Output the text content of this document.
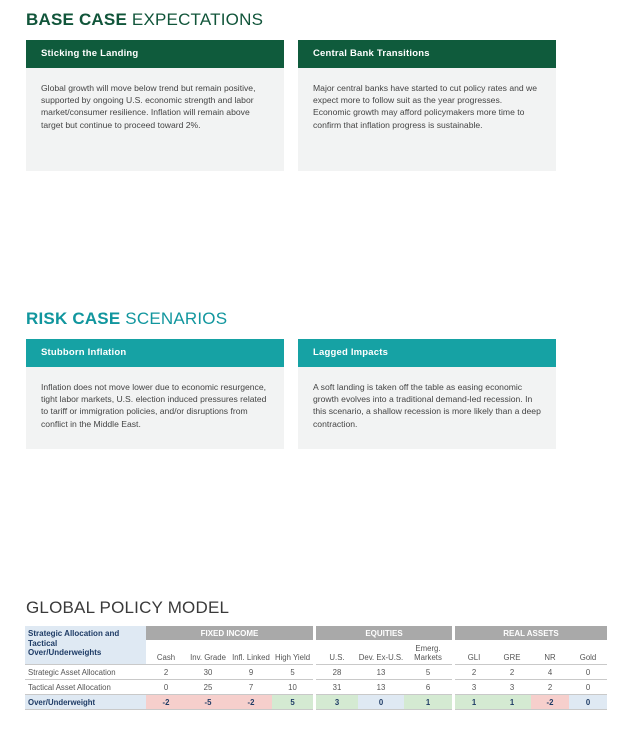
BASE CASE EXPECTATIONS
Sticking the Landing
Global growth will move below trend but remain positive, supported by ongoing U.S. economic strength and labor market/consumer resilience. Inflation will remain above target but continue to proceed toward 2%.
Central Bank Transitions
Major central banks have started to cut policy rates and we expect more to follow suit as the year progresses. Economic growth may afford policymakers more time to confirm that inflation progress is sustainable.
RISK CASE SCENARIOS
Stubborn Inflation
Inflation does not move lower due to economic resurgence, tight labor markets, U.S. election induced pressures related to tariff or immigration policies, and/or disruptions from conflict in the Middle East.
Lagged Impacts
A soft landing is taken off the table as easing economic growth evolves into a traditional demand-led recession. In this scenario, a shallow recession is more likely than a deep contraction.
GLOBAL POLICY MODEL
Strategic Allocation and Tactical
Over/Underweights	FIXED INCOME					EQUITIES				REAL ASSETS			
	Cash	Inv. Grade	Infl. Linked	High Yield		U.S.	Dev. Ex-U.S.	Emerg. Markets		GLI	GRE	NR	Gold
Strategic Asset Allocation	2	30	9	5		28	13	5		2	2	4	0
Tactical Asset Allocation	0	25	7	10		31	13	6		3	3	2	0
Over/Underweight	-2	-5	-2	5		3	0	1		1	1	-2	0
